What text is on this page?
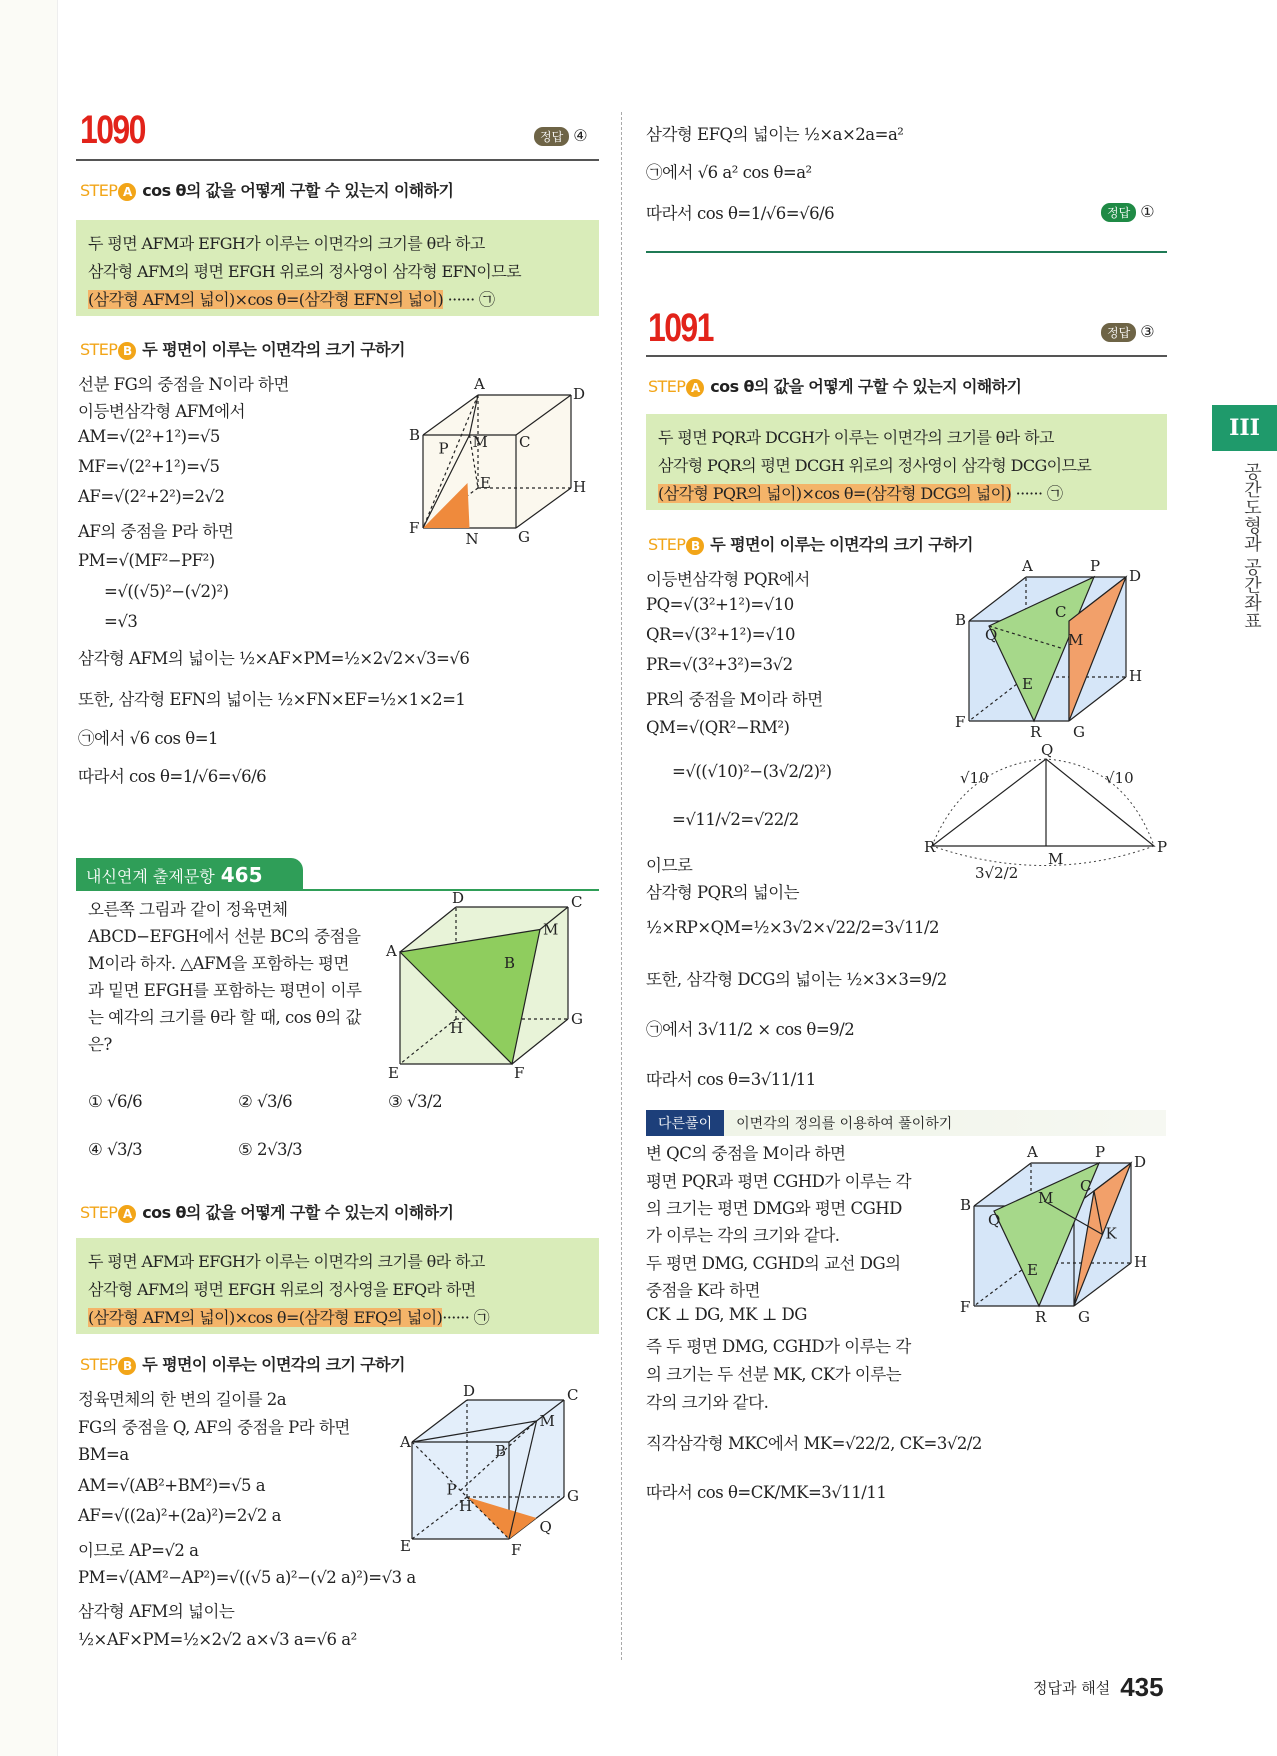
1090	정답 ④
STEP A cos θ의 값을 어떻게 구할 수 있는지 이해하기
두 평면 AFM과 EFGH가 이루는 이면각의 크기를 θ라 하고
삼각형 AFM의 평면 EFGH 위로의 정사영이 삼각형 EFN이므로
(삼각형 AFM의 넓이)×cos θ=(삼각형 EFN의 넓이) ······ ㉠
STEP B 두 평면이 이루는 이면각의 크기 구하기
선분 FG의 중점을 N이라 하면
이등변삼각형 AFM에서
AM=√(2²+1²)=√5
MF=√(2²+1²)=√5
AF=√(2²+2²)=2√2
AF의 중점을 P라 하면
PM=√(MF²−PF²)
=√((√5)²−(√2)²)
=√3
삼각형 AFM의 넓이는 ½×AF×PM=½×2√2×√3=√6
또한, 삼각형 EFN의 넓이는 ½×FN×EF=½×1×2=1
㉠에서 √6 cos θ=1
따라서 cos θ=1/√6=√6/6
A
B	C
D
E
F	G
H
M
N
P
내신연계 출제문항 465
오른쪽 그림과 같이 정육면체
ABCD−EFGH에서 선분 BC의 중점을
M이라 하자. △AFM을 포함하는 평면
과 밑면 EFGH를 포함하는 평면이 이루
는 예각의 크기를 θ라 할 때, cos θ의 값
은?
① √6/6	② √3/6	③ √3/2
④ √3/3	⑤ 2√3/3
A
B
C
D
E	F
G
H
M
STEP A cos θ의 값을 어떻게 구할 수 있는지 이해하기
두 평면 AFM과 EFGH가 이루는 이면각의 크기를 θ라 하고
삼각형 AFM의 평면 EFGH 위로의 정사영을 EFQ라 하면
(삼각형 AFM의 넓이)×cos θ=(삼각형 EFQ의 넓이)······ ㉠
STEP B 두 평면이 이루는 이면각의 크기 구하기
정육면체의 한 변의 길이를 2a
FG의 중점을 Q, AF의 중점을 P라 하면
BM=a
AM=√(AB²+BM²)=√5 a
AF=√((2a)²+(2a)²)=2√2 a
이므로 AP=√2 a
PM=√(AM²−AP²)=√((√5 a)²−(√2 a)²)=√3 a
삼각형 AFM의 넓이는
½×AF×PM=½×2√2 a×√3 a=√6 a²
A	B
C
D
E	F
G
H
M
P
Q
삼각형 EFQ의 넓이는 ½×a×2a=a²
㉠에서 √6 a² cos θ=a²
따라서 cos θ=1/√6=√6/6	정답 ①
1091	정답 ③
STEP A cos θ의 값을 어떻게 구할 수 있는지 이해하기
두 평면 PQR과 DCGH가 이루는 이면각의 크기를 θ라 하고
삼각형 PQR의 평면 DCGH 위로의 정사영이 삼각형 DCG이므로
(삼각형 PQR의 넓이)×cos θ=(삼각형 DCG의 넓이) ······ ㉠
STEP B 두 평면이 이루는 이면각의 크기 구하기
이등변삼각형 PQR에서
PQ=√(3²+1²)=√10
QR=√(3²+1²)=√10
PR=√(3²+3²)=3√2
PR의 중점을 M이라 하면
QM=√(QR²−RM²)
=√((√10)²−(3√2/2)²)
=√11/√2=√22/2
이므로
삼각형 PQR의 넓이는
½×RP×QM=½×3√2×√22/2=3√11/2
또한, 삼각형 DCG의 넓이는 ½×3×3=9/2
㉠에서 3√11/2 × cos θ=9/2
따라서 cos θ=3√11/11
A	P
D
B
Q
C
M
E	H
F
R G
Q
R	P
M
√10	√10
3√2/2
다른풀이 이면각의 정의를 이용하여 풀이하기
변 QC의 중점을 M이라 하면
평면 PQR과 평면 CGHD가 이루는 각
의 크기는 평면 DMG와 평면 CGHD
가 이루는 각의 크기와 같다.
두 평면 DMG, CGHD의 교선 DG의
중점을 K라 하면
CK ⊥ DG, MK ⊥ DG
즉 두 평면 DMG, CGHD가 이루는 각
의 크기는 두 선분 MK, CK가 이루는
각의 크기와 같다.
직각삼각형 MKC에서 MK=√22/2, CK=3√2/2
따라서 cos θ=CK/MK=3√11/11
A	P
D
B
Q
M
C
K
E	H
F
R G
III
공간도형과 공간좌표
정답과 해설 435
